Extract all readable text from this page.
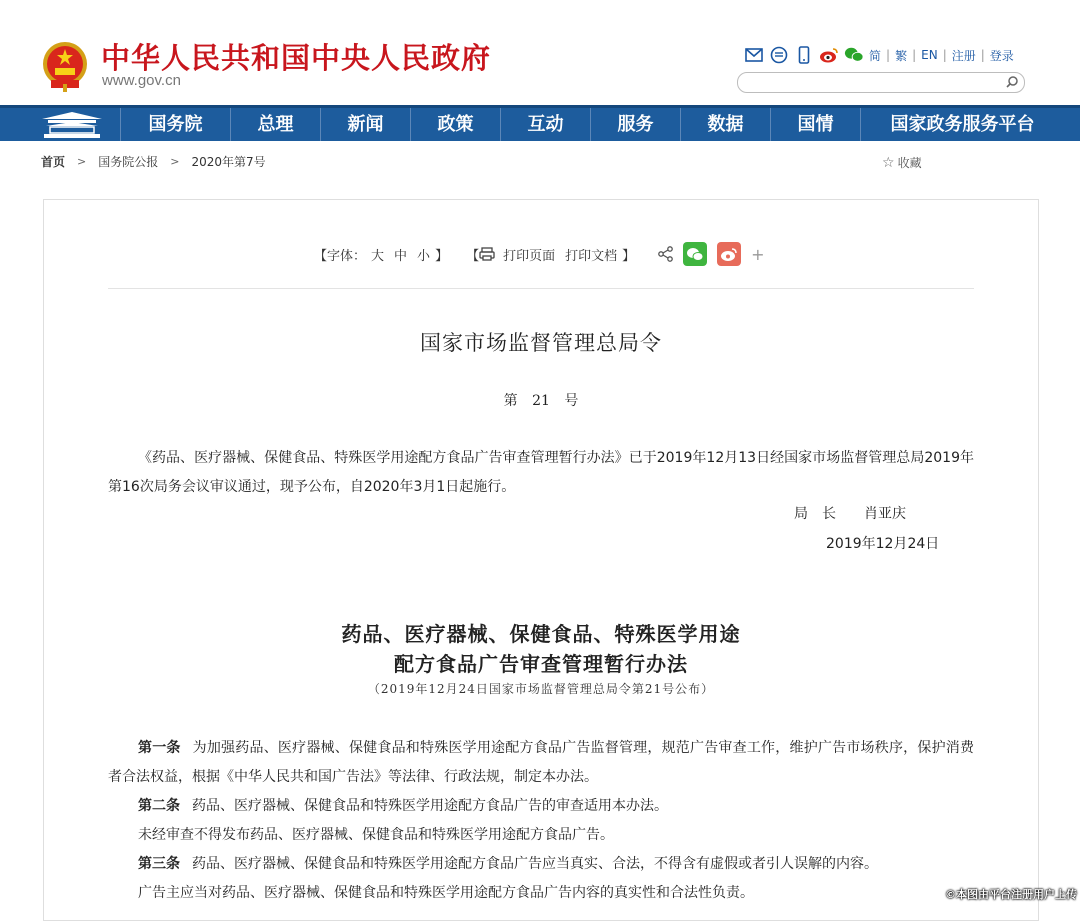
中华人民共和国中央人民政府
www.gov.cn
简 | 繁 | EN | 注册 | 登录
国务院	总理	新闻	政策	互动	服务	数据	国情	国家政务服务平台
首页 > 国务院公报 > 2020年第7号	☆ 收藏
【字体： 大 中 小 】 【 打印页面 打印文档 】	+
国家市场监督管理总局令
第 21 号
《药品、医疗器械、保健食品、特殊医学用途配方食品广告审查管理暂行办法》已于2019年12月13日经国家市场监督管理总局2019年第16次局务会议审议通过，现予公布，自2020年3月1日起施行。
局　长　　肖亚庆
2019年12月24日
药品、医疗器械、保健食品、特殊医学用途
配方食品广告审查管理暂行办法
（2019年12月24日国家市场监督管理总局令第21号公布）
第一条 为加强药品、医疗器械、保健食品和特殊医学用途配方食品广告监督管理，规范广告审查工作，维护广告市场秩序，保护消费者合法权益，根据《中华人民共和国广告法》等法律、行政法规，制定本办法。
第二条 药品、医疗器械、保健食品和特殊医学用途配方食品广告的审查适用本办法。
未经审查不得发布药品、医疗器械、保健食品和特殊医学用途配方食品广告。
第三条 药品、医疗器械、保健食品和特殊医学用途配方食品广告应当真实、合法，不得含有虚假或者引人误解的内容。
广告主应当对药品、医疗器械、保健食品和特殊医学用途配方食品广告内容的真实性和合法性负责。	©本图由平台注册用户上传
